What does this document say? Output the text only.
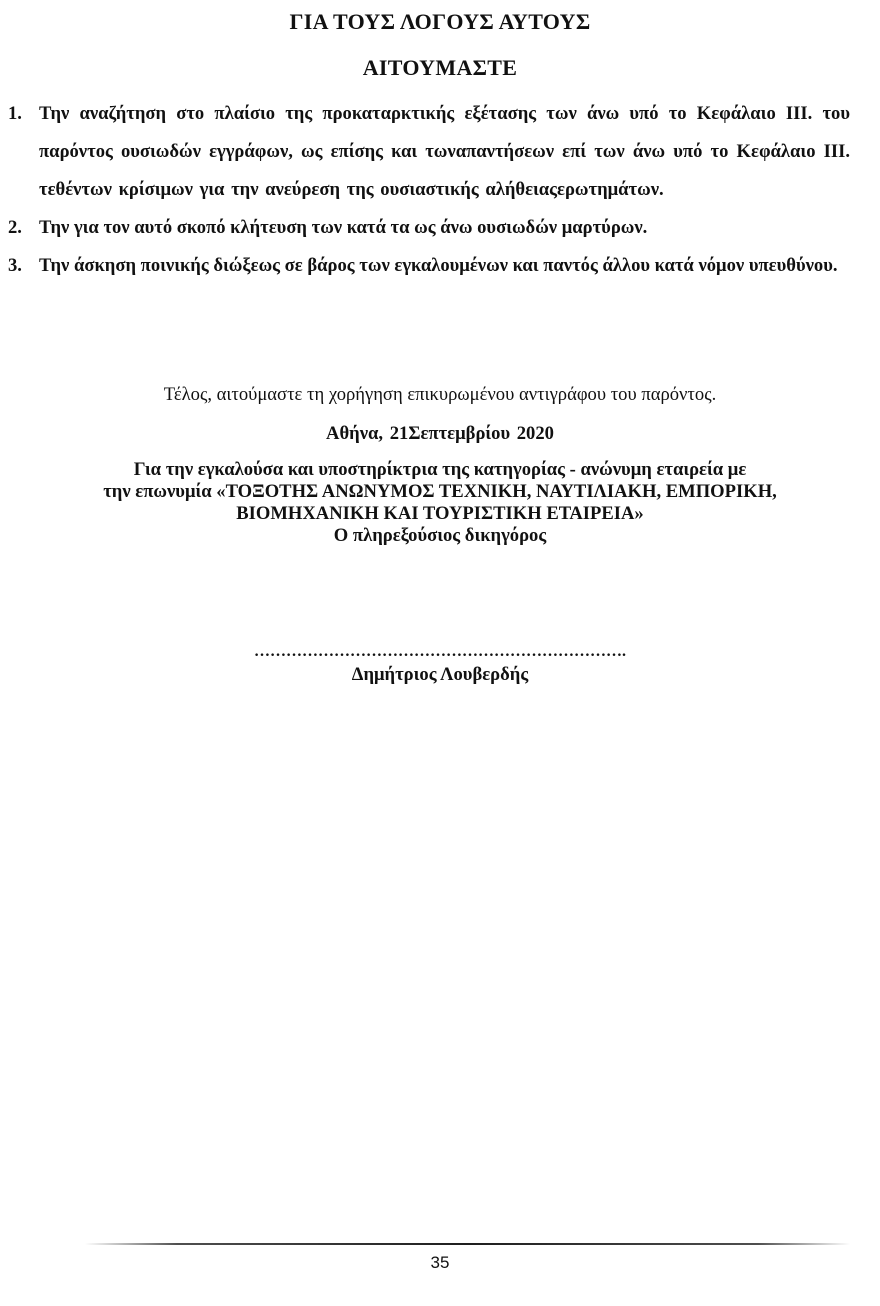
ΓΙΑ ΤΟΥΣ ΛΟΓΟΥΣ ΑΥΤΟΥΣ
ΑΙΤΟΥΜΑΣΤΕ
1. Την αναζήτηση στο πλαίσιο της προκαταρκτικής εξέτασης των άνω υπό το Κεφάλαιο ΙΙΙ. του παρόντος ουσιωδών εγγράφων, ως επίσης και τωναπαντήσεων επί των άνω υπό το Κεφάλαιο ΙΙΙ. τεθέντων κρίσιμων για την ανεύρεση της ουσιαστικής αλήθειαςερωτημάτων.
2. Την για τον αυτό σκοπό κλήτευση των κατά τα ως άνω ουσιωδών μαρτύρων.
3. Την άσκηση ποινικής διώξεως σε βάρος των εγκαλουμένων και παντός άλλου κατά νόμον υπευθύνου.
Τέλος, αιτούμαστε τη χορήγηση επικυρωμένου αντιγράφου του παρόντος.
Αθήνα, 21Σεπτεμβρίου 2020
Για την εγκαλούσα και υποστηρίκτρια της κατηγορίας - ανώνυμη εταιρεία με
την επωνυμία «ΤΟΞΟΤΗΣ ΑΝΩΝΥΜΟΣ ΤΕΧΝΙΚΗ, ΝΑΥΤΙΛΙΑΚΗ, ΕΜΠΟΡΙΚΗ,
ΒΙΟΜΗΧΑΝΙΚΗ ΚΑΙ ΤΟΥΡΙΣΤΙΚΗ ΕΤΑΙΡΕΙΑ»
Ο πληρεξούσιος δικηγόρος
…………………………………………………………….
Δημήτριος Λουβερδής
35
